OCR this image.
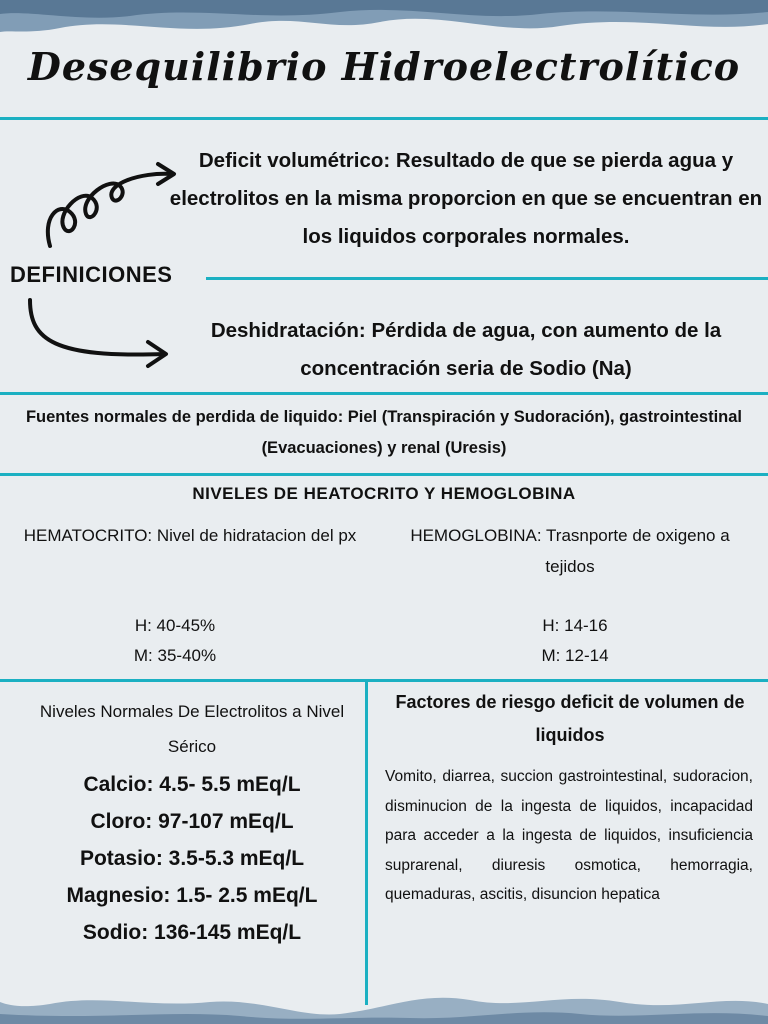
Desequilibrio Hidroelectrolítico
Deficit volumétrico: Resultado de que se pierda agua y electrolitos en la misma proporcion en que se encuentran en los liquidos corporales normales.
DEFINICIONES
Deshidratación: Pérdida de agua, con aumento de la concentración seria de Sodio (Na)
Fuentes normales de perdida de liquido: Piel (Transpiración y Sudoración), gastrointestinal (Evacuaciones) y renal (Uresis)
NIVELES DE HEATOCRITO Y HEMOGLOBINA
HEMATOCRITO: Nivel de hidratacion del px	HEMOGLOBINA: Trasnporte de oxigeno a tejidos
H: 40-45%
M: 35-40%
H: 14-16
M: 12-14
Niveles Normales De Electrolitos a Nivel Sérico
Calcio: 4.5- 5.5 mEq/L
Cloro: 97-107 mEq/L
Potasio: 3.5-5.3 mEq/L
Magnesio: 1.5- 2.5 mEq/L
Sodio: 136-145 mEq/L
Factores de riesgo deficit de volumen de liquidos
Vomito, diarrea, succion gastrointestinal, sudoracion, disminucion de la ingesta de liquidos, incapacidad para acceder a la ingesta de liquidos, insuficiencia suprarenal, diuresis osmotica, hemorragia, quemaduras, ascitis, disuncion hepatica
